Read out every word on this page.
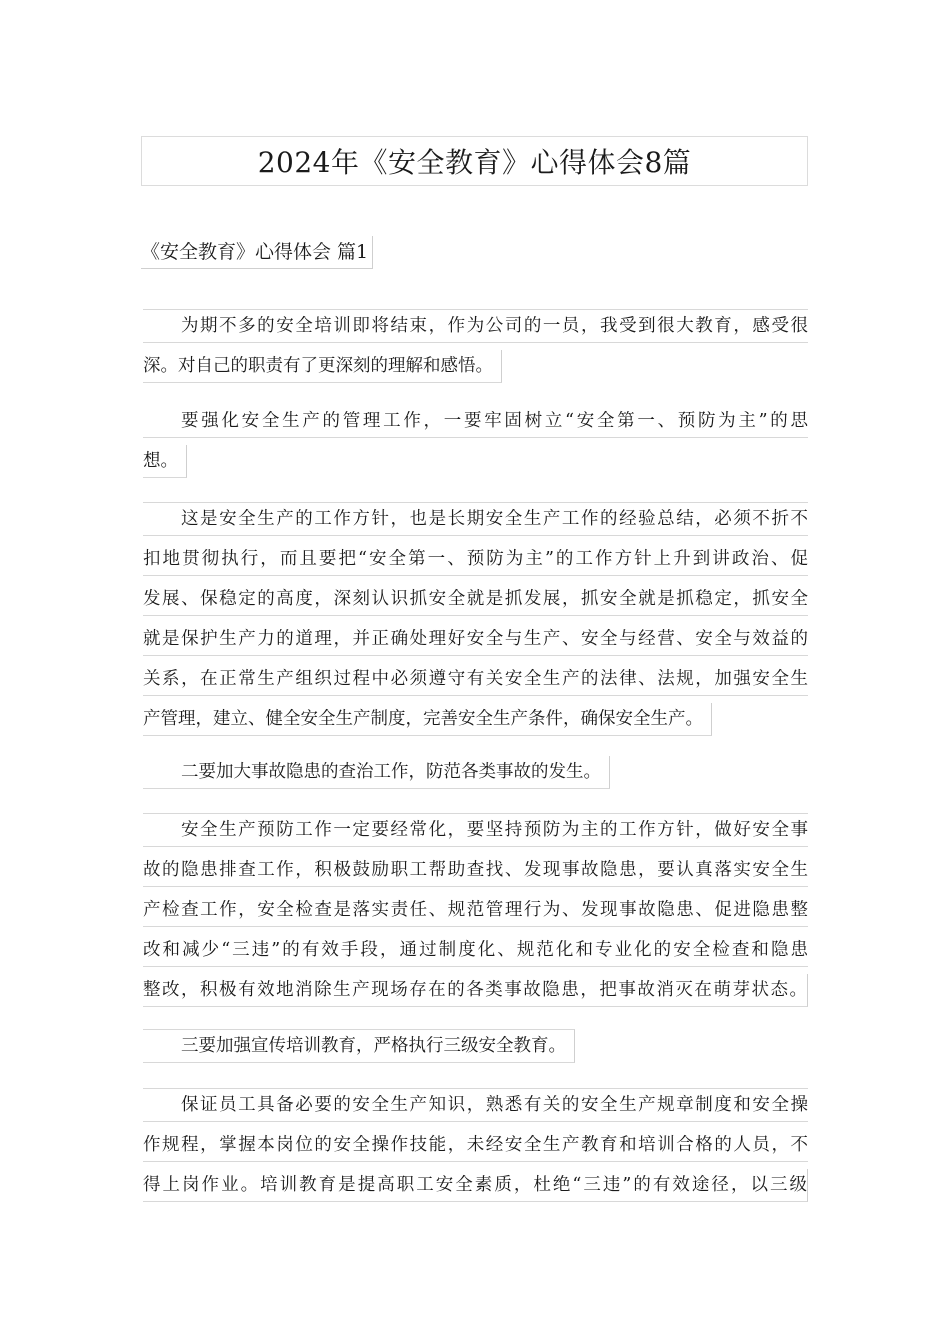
2024年《安全教育》心得体会8篇
《安全教育》心得体会 篇1
为期不多的安全培训即将结束，作为公司的一员，我受到很大教育，感受很
深。对自己的职责有了更深刻的理解和感悟。
要强化安全生产的管理工作，一要牢固树立“安全第一、预防为主”的思
想。
这是安全生产的工作方针，也是长期安全生产工作的经验总结，必须不折不
扣地贯彻执行，而且要把“安全第一、预防为主”的工作方针上升到讲政治、促
发展、保稳定的高度，深刻认识抓安全就是抓发展，抓安全就是抓稳定，抓安全
就是保护生产力的道理，并正确处理好安全与生产、安全与经营、安全与效益的
关系，在正常生产组织过程中必须遵守有关安全生产的法律、法规，加强安全生
产管理，建立、健全安全生产制度，完善安全生产条件，确保安全生产。
二要加大事故隐患的查治工作，防范各类事故的发生。
安全生产预防工作一定要经常化，要坚持预防为主的工作方针，做好安全事
故的隐患排查工作，积极鼓励职工帮助查找、发现事故隐患，要认真落实安全生
产检查工作，安全检查是落实责任、规范管理行为、发现事故隐患、促进隐患整
改和减少“三违”的有效手段，通过制度化、规范化和专业化的安全检查和隐患
整改，积极有效地消除生产现场存在的各类事故隐患，把事故消灭在萌芽状态。
三要加强宣传培训教育，严格执行三级安全教育。
保证员工具备必要的安全生产知识，熟悉有关的安全生产规章制度和安全操
作规程，掌握本岗位的安全操作技能，未经安全生产教育和培训合格的人员，不
得上岗作业。培训教育是提高职工安全素质，杜绝“三违”的有效途径，以三级
